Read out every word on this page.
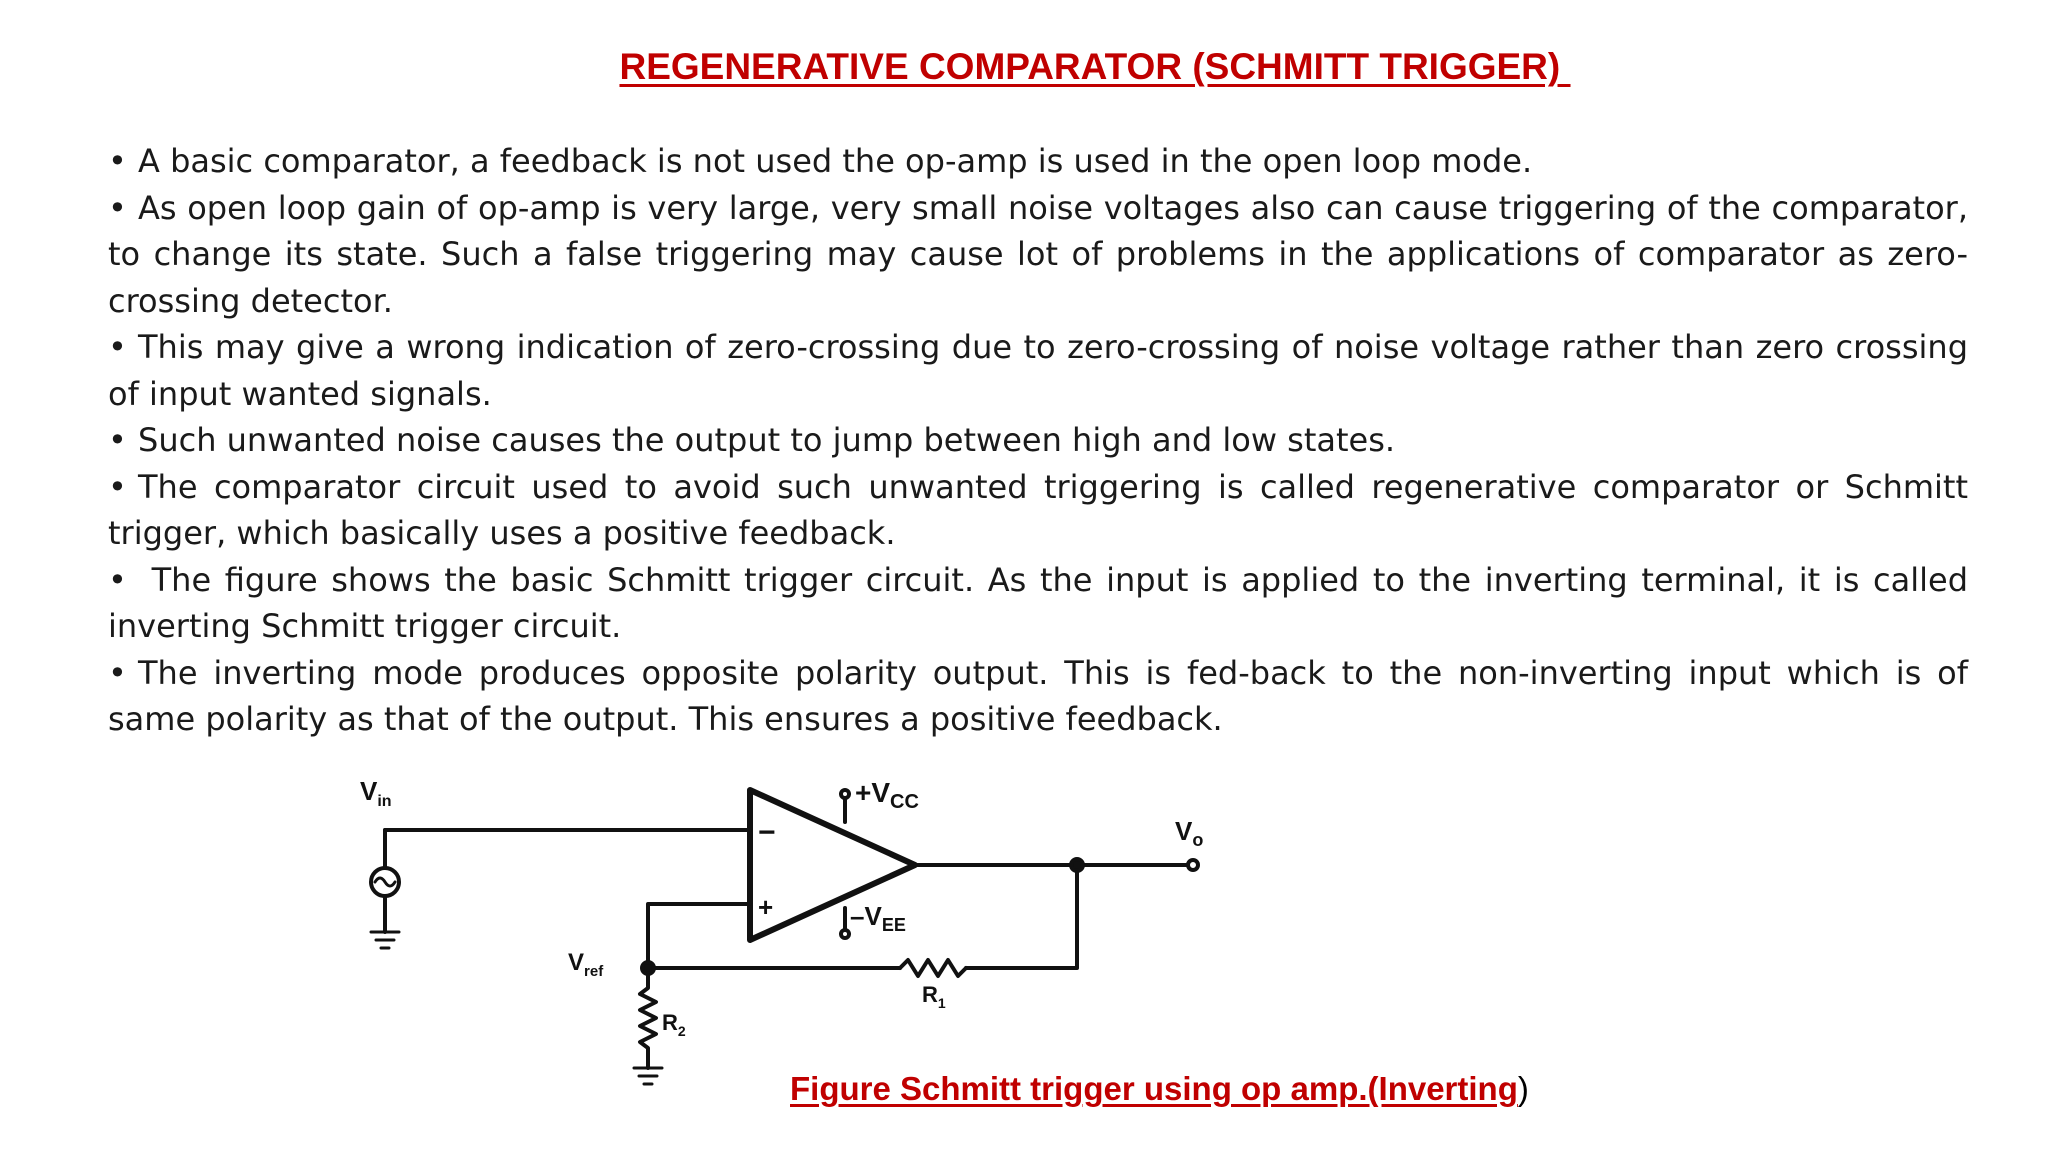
REGENERATIVE COMPARATOR (SCHMITT TRIGGER)

• A basic comparator, a feedback is not used the op-amp is used in the open loop mode.

• As open loop gain of op-amp is very large, very small noise voltages also can cause triggering of the comparator, to change its state. Such a false triggering may cause lot of problems in the applications of comparator as zero-crossing detector.

• This may give a wrong indication of zero-crossing due to zero-crossing of noise voltage rather than zero crossing of input wanted signals.

• Such unwanted noise causes the output to jump between high and low states.

• The comparator circuit used to avoid such unwanted triggering is called regenerative comparator or Schmitt trigger, which basically uses a positive feedback.

• The figure shows the basic Schmitt trigger circuit. As the input is applied to the inverting terminal, it is called inverting Schmitt trigger circuit.

• The inverting mode produces opposite polarity output. This is fed-back to the non-inverting input which is of same polarity as that of the output. This ensures a positive feedback.

−
+
$V_{in}$	$+V_{CC}$
$-V_{EE}$
$V_o$
$V_{ref}$
$R_1$
$R_2$
Figure Schmitt trigger using op amp.(Inverting)
